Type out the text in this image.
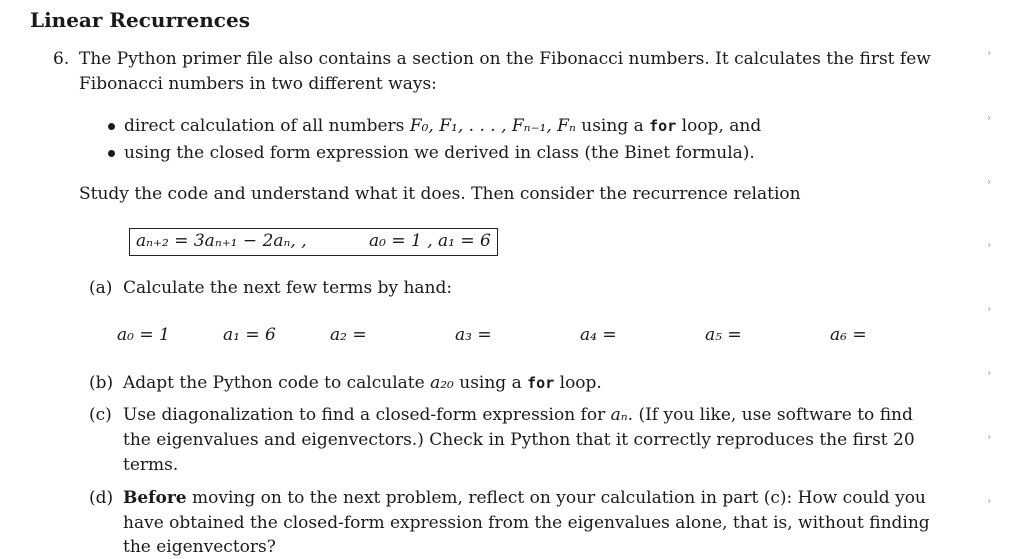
Linear Recurrences
6. The Python primer file also contains a section on the Fibonacci numbers. It calculates the first few
Fibonacci numbers in two different ways:
direct calculation of all numbers F₀, F₁, . . . , Fₙ₋₁, Fₙ using a for loop, and
using the closed form expression we derived in class (the Binet formula).
Study the code and understand what it does. Then consider the recurrence relation
aₙ₊₂ = 3aₙ₊₁ − 2aₙ, ,	a₀ = 1 , a₁ = 6
(a) Calculate the next few terms by hand:
a₀ = 1	a₁ = 6	a₂ =	a₃ =	a₄ =	a₅ =	a₆ =
(b) Adapt the Python code to calculate a₂₀ using a for loop.
(c) Use diagonalization to find a closed-form expression for aₙ. (If you like, use software to find
the eigenvalues and eigenvectors.) Check in Python that it correctly reproduces the first 20
terms.
(d) Before moving on to the next problem, reflect on your calculation in part (c): How could you
have obtained the closed-form expression from the eigenvalues alone, that is, without finding
the eigenvectors?
›
›
›
›
›
›
›
›
